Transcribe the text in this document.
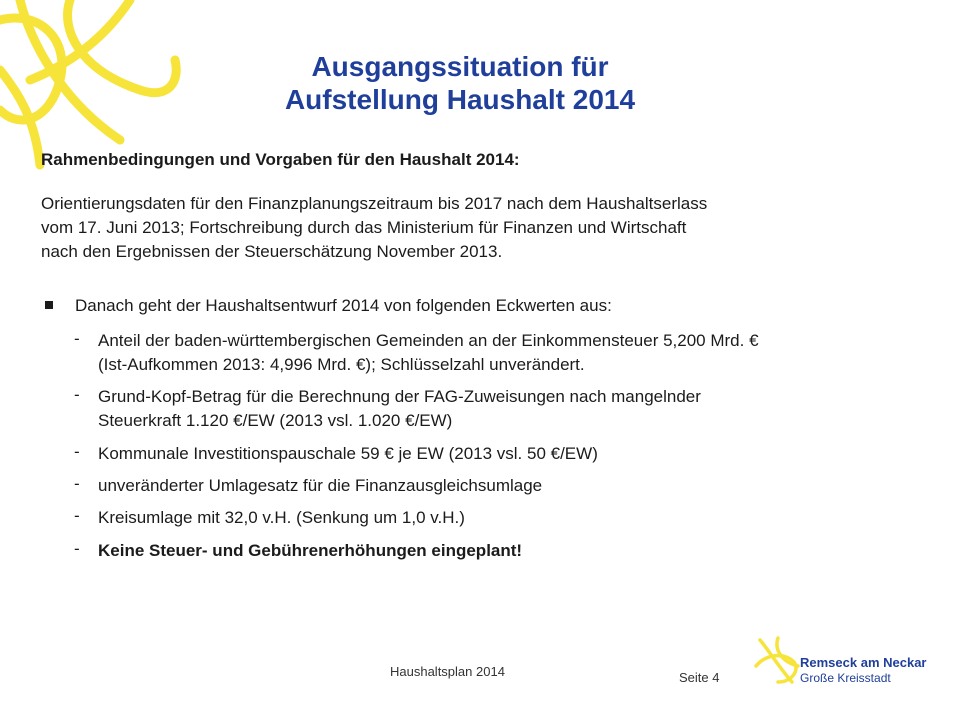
Ausgangssituation für
Aufstellung Haushalt 2014
Rahmenbedingungen und Vorgaben für den Haushalt 2014:
Orientierungsdaten für den Finanzplanungszeitraum bis 2017 nach dem Haushaltserlass
vom 17. Juni 2013; Fortschreibung durch das Ministerium für Finanzen und Wirtschaft
nach den Ergebnissen der Steuerschätzung November 2013.
Danach geht der Haushaltsentwurf 2014 von folgenden Eckwerten aus:
- Anteil der baden-württembergischen Gemeinden an der Einkommensteuer 5,200 Mrd. €
(Ist-Aufkommen 2013: 4,996 Mrd. €); Schlüsselzahl unverändert.
- Grund-Kopf-Betrag für die Berechnung der FAG-Zuweisungen nach mangelnder
Steuerkraft 1.120 €/EW (2013 vsl. 1.020 €/EW)
- Kommunale Investitionspauschale 59 € je EW (2013 vsl. 50 €/EW)
- unveränderter Umlagesatz für die Finanzausgleichsumlage
- Kreisumlage mit 32,0 v.H. (Senkung um 1,0 v.H.)
- Keine Steuer- und Gebührenerhöhungen eingeplant!
Haushaltsplan 2014	Seite 4
Remseck am Neckar
Große Kreisstadt
